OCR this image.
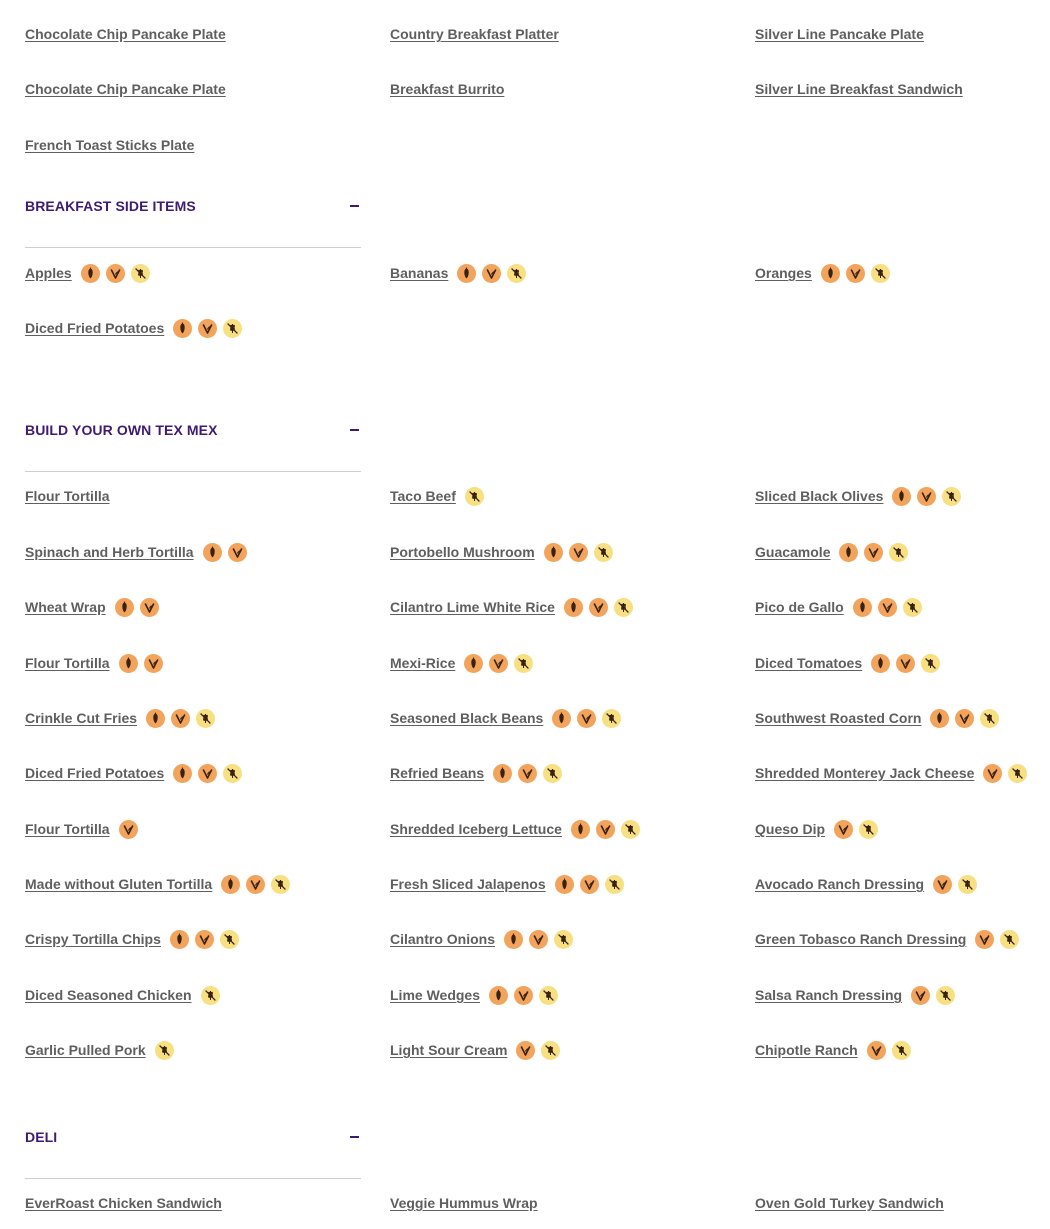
Chocolate Chip Pancake Plate	Country Breakfast Platter	Silver Line Pancake Plate
Chocolate Chip Pancake Plate	Breakfast Burrito	Silver Line Breakfast Sandwich
French Toast Sticks Plate
BREAKFAST SIDE ITEMS
Apples	Bananas	Oranges
Diced Fried Potatoes
BUILD YOUR OWN TEX MEX
Flour Tortilla	Taco Beef	Sliced Black Olives
Spinach and Herb Tortilla	Portobello Mushroom	Guacamole
Wheat Wrap	Cilantro Lime White Rice	Pico de Gallo
Flour Tortilla	Mexi-Rice	Diced Tomatoes
Crinkle Cut Fries	Seasoned Black Beans	Southwest Roasted Corn
Diced Fried Potatoes	Refried Beans	Shredded Monterey Jack Cheese
Flour Tortilla	Shredded Iceberg Lettuce	Queso Dip
Made without Gluten Tortilla	Fresh Sliced Jalapenos	Avocado Ranch Dressing
Crispy Tortilla Chips	Cilantro Onions	Green Tobasco Ranch Dressing
Diced Seasoned Chicken	Lime Wedges	Salsa Ranch Dressing
Garlic Pulled Pork	Light Sour Cream	Chipotle Ranch
DELI
EverRoast Chicken Sandwich	Veggie Hummus Wrap	Oven Gold Turkey Sandwich
